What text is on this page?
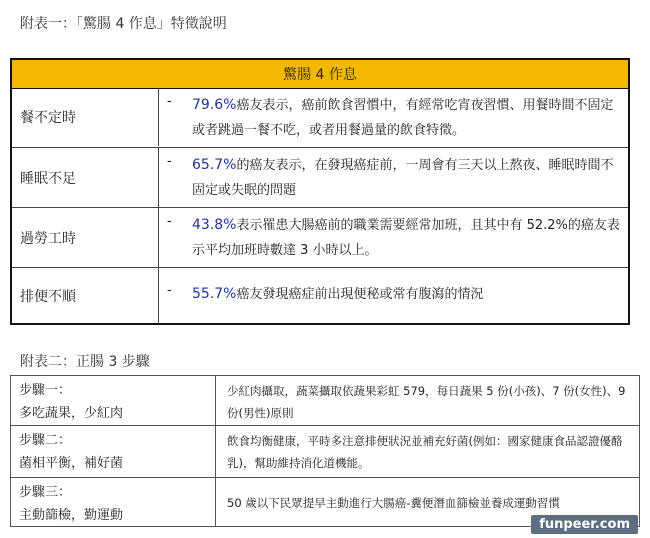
附表一：「驚腸 4 作息」特徵說明
驚腸 4 作息
餐不定時
- 79.6%癌友表示，癌前飲食習慣中，有經常吃宵夜習慣、用餐時間不固定或者跳過一餐不吃，或者用餐過量的飲食特徵。
睡眠不足
- 65.7%的癌友表示，在發現癌症前，一周會有三天以上熬夜、睡眠時間不固定或失眠的問題
過勞工時
- 43.8%表示罹患大腸癌前的職業需要經常加班，且其中有 52.2%的癌友表示平均加班時數達 3 小時以上。
排便不順	- 55.7%癌友發現癌症前出現便秘或常有腹瀉的情況
附表二：正腸 3 步驟
步驟一：
多吃蔬果，少紅肉
少紅肉攝取，蔬菜攝取依蔬果彩虹 579，每日蔬果 5 份(小孩)、7 份(女性)、9 份(男性)原則
步驟二：
菌相平衡，補好菌
飲食均衡健康，平時多注意排便狀況並補充好菌(例如：國家健康食品認證優酪乳)，幫助維持消化道機能。
步驟三：
主動篩檢，勤運動
50 歲以下民眾提早主動進行大腸癌-糞便潛血篩檢並養成運動習慣
funpeer.com
